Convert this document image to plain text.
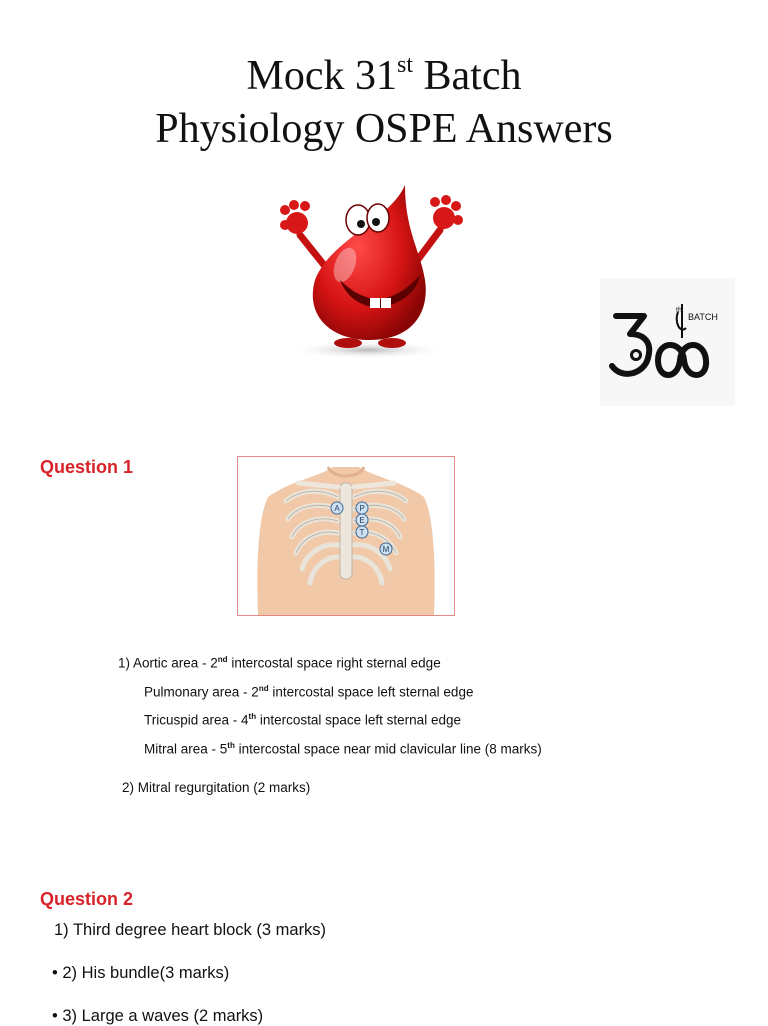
Mock 31st Batch
Physiology OSPE Answers
th
BATCH
Question 1
A P
E
T
M
1) Aortic area - 2nd intercostal space right sternal edge
Pulmonary area - 2nd intercostal space left sternal edge
Tricuspid area - 4th intercostal space left sternal edge
Mitral area - 5th intercostal space near mid clavicular line (8 marks)
2) Mitral regurgitation (2 marks)
Question 2
1) Third degree heart block (3 marks)
• 2) His bundle(3 marks)
• 3) Large a waves (2 marks)
